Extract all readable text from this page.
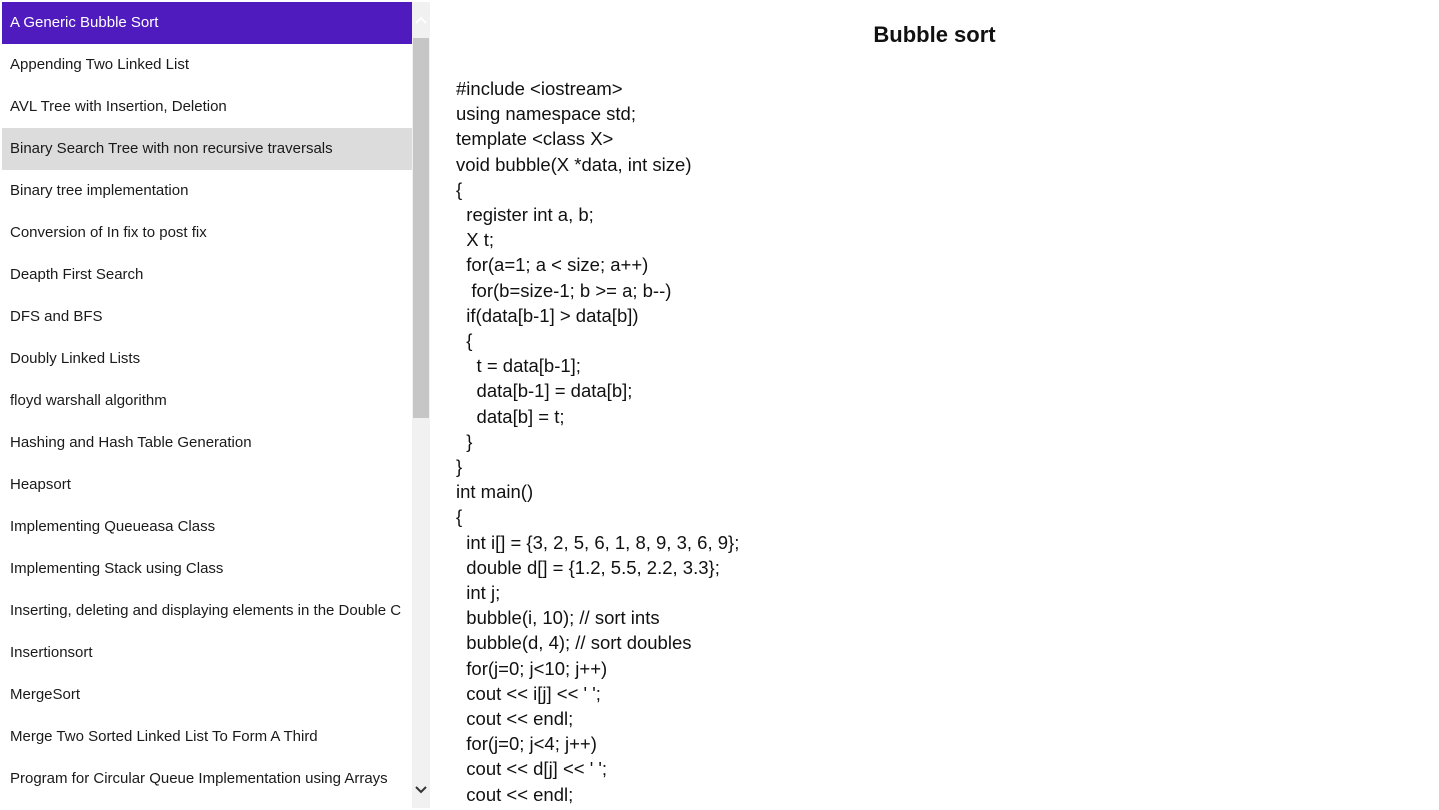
A Generic Bubble Sort
Appending Two Linked List
AVL Tree with Insertion, Deletion
Binary Search Tree with non recursive traversals
Binary tree implementation
Conversion of In fix to post fix
Deapth First Search
DFS and BFS
Doubly Linked Lists
floyd warshall algorithm
Hashing and Hash Table Generation
Heapsort
Implementing Queueasa Class
Implementing Stack using Class
Inserting, deleting and displaying elements in the Double C
Insertionsort
MergeSort
Merge Two Sorted Linked List To Form A Third
Program for Circular Queue Implementation using Arrays
Bubble sort
#include <iostream>
using namespace std;
template <class X>
void bubble(X *data, int size)
{
register int a, b;
X t;
for(a=1; a < size; a++)
for(b=size-1; b >= a; b--)
if(data[b-1] > data[b])
{
t = data[b-1];
data[b-1] = data[b];
data[b] = t;
}
}
int main()
{
int i[] = {3, 2, 5, 6, 1, 8, 9, 3, 6, 9};
double d[] = {1.2, 5.5, 2.2, 3.3};
int j;
bubble(i, 10); // sort ints
bubble(d, 4); // sort doubles
for(j=0; j<10; j++)
cout << i[j] << ' ';
cout << endl;
for(j=0; j<4; j++)
cout << d[j] << ' ';
cout << endl;
